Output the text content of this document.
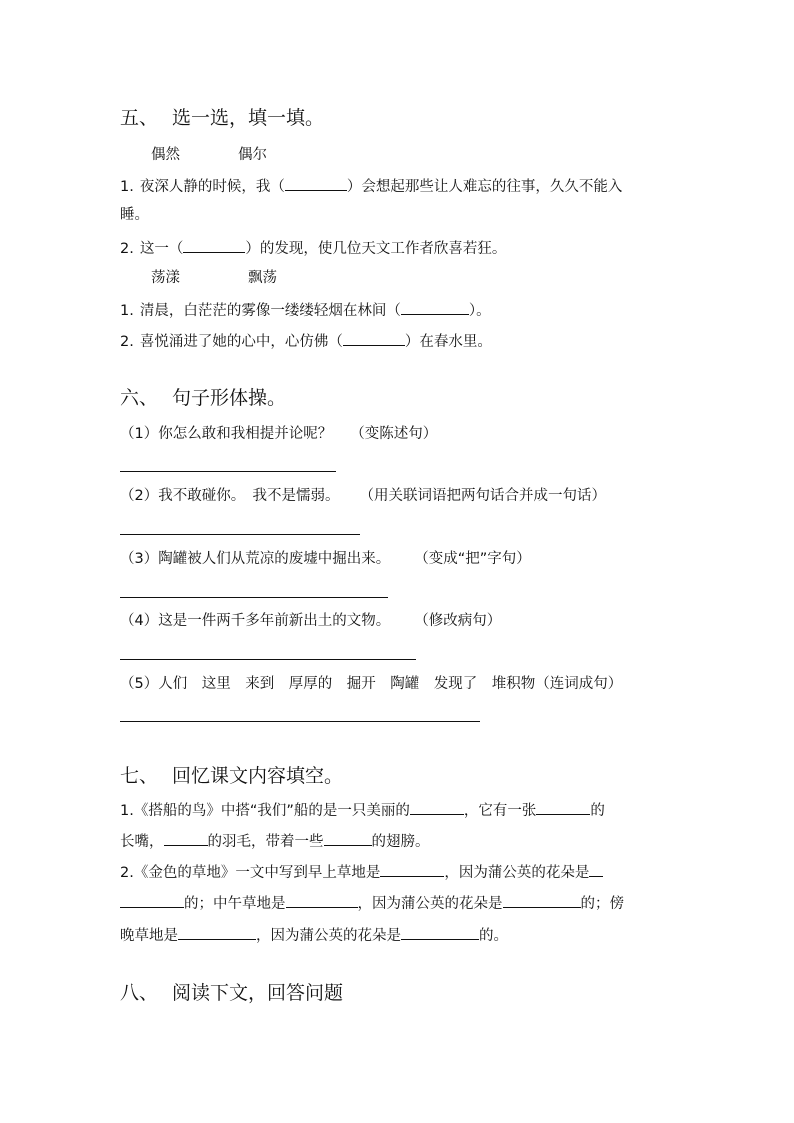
五、 选一选，填一填。
偶然	偶尔
1. 夜深人静的时候，我（	）会想起那些让人难忘的往事，久久不能入
睡。
2. 这一（	）的发现，使几位天文工作者欣喜若狂。
荡漾	飘荡
1. 清晨，白茫茫的雾像一缕缕轻烟在林间（	）。
2. 喜悦涌进了她的心中，心仿佛（	）在春水里。
六、 句子形体操。
（1）你怎么敢和我相提并论呢？ （变陈述句）
（2）我不敢碰你。　我不是懦弱。 （用关联词语把两句话合并成一句话）
（3）陶罐被人们从荒凉的废墟中掘出来。 （变成“把”字句）
（4）这是一件两千多年前新出土的文物。 （修改病句）
（5）人们　这里　来到　厚厚的　掘开　陶罐　发现了　堆积物（连词成句）
七、 回忆课文内容填空。
1.《搭船的鸟》中搭“我们”船的是一只美丽的	，它有一张	的
长嘴，	的羽毛，带着一些	的翅膀。
2.《金色的草地》一文中写到早上草地是	，因为蒲公英的花朵是
的；中午草地是	，因为蒲公英的花朵是	的；傍
晚草地是	，因为蒲公英的花朵是	的。
八、 阅读下文，回答问题
